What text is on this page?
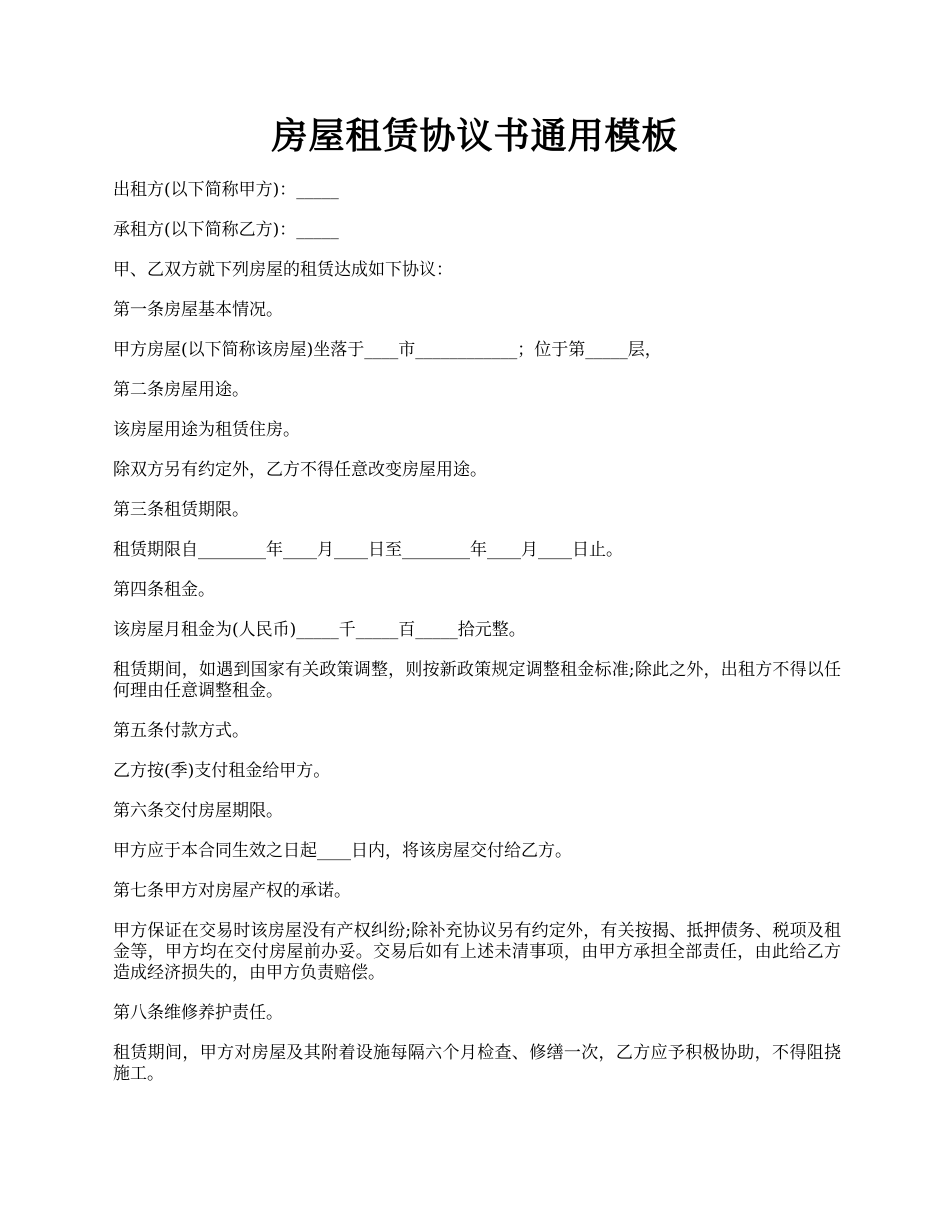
房屋租赁协议书通用模板

出租方(以下简称甲方)：_____

承租方(以下简称乙方)：_____

甲、乙双方就下列房屋的租赁达成如下协议：

第一条房屋基本情况。

甲方房屋(以下简称该房屋)坐落于____市____________；位于第_____层，

第二条房屋用途。

该房屋用途为租赁住房。

除双方另有约定外，乙方不得任意改变房屋用途。

第三条租赁期限。

租赁期限自________年____月____日至________年____月____日止。

第四条租金。

该房屋月租金为(人民币)_____千_____百_____拾元整。

租赁期间，如遇到国家有关政策调整，则按新政策规定调整租金标准;除此之外，出租方不得以任何理由任意调整租金。

第五条付款方式。

乙方按(季)支付租金给甲方。

第六条交付房屋期限。

甲方应于本合同生效之日起____日内，将该房屋交付给乙方。

第七条甲方对房屋产权的承诺。

甲方保证在交易时该房屋没有产权纠纷;除补充协议另有约定外，有关按揭、抵押债务、税项及租金等，甲方均在交付房屋前办妥。交易后如有上述未清事项，由甲方承担全部责任，由此给乙方造成经济损失的，由甲方负责赔偿。

第八条维修养护责任。

租赁期间，甲方对房屋及其附着设施每隔六个月检查、修缮一次，乙方应予积极协助，不得阻挠施工。
